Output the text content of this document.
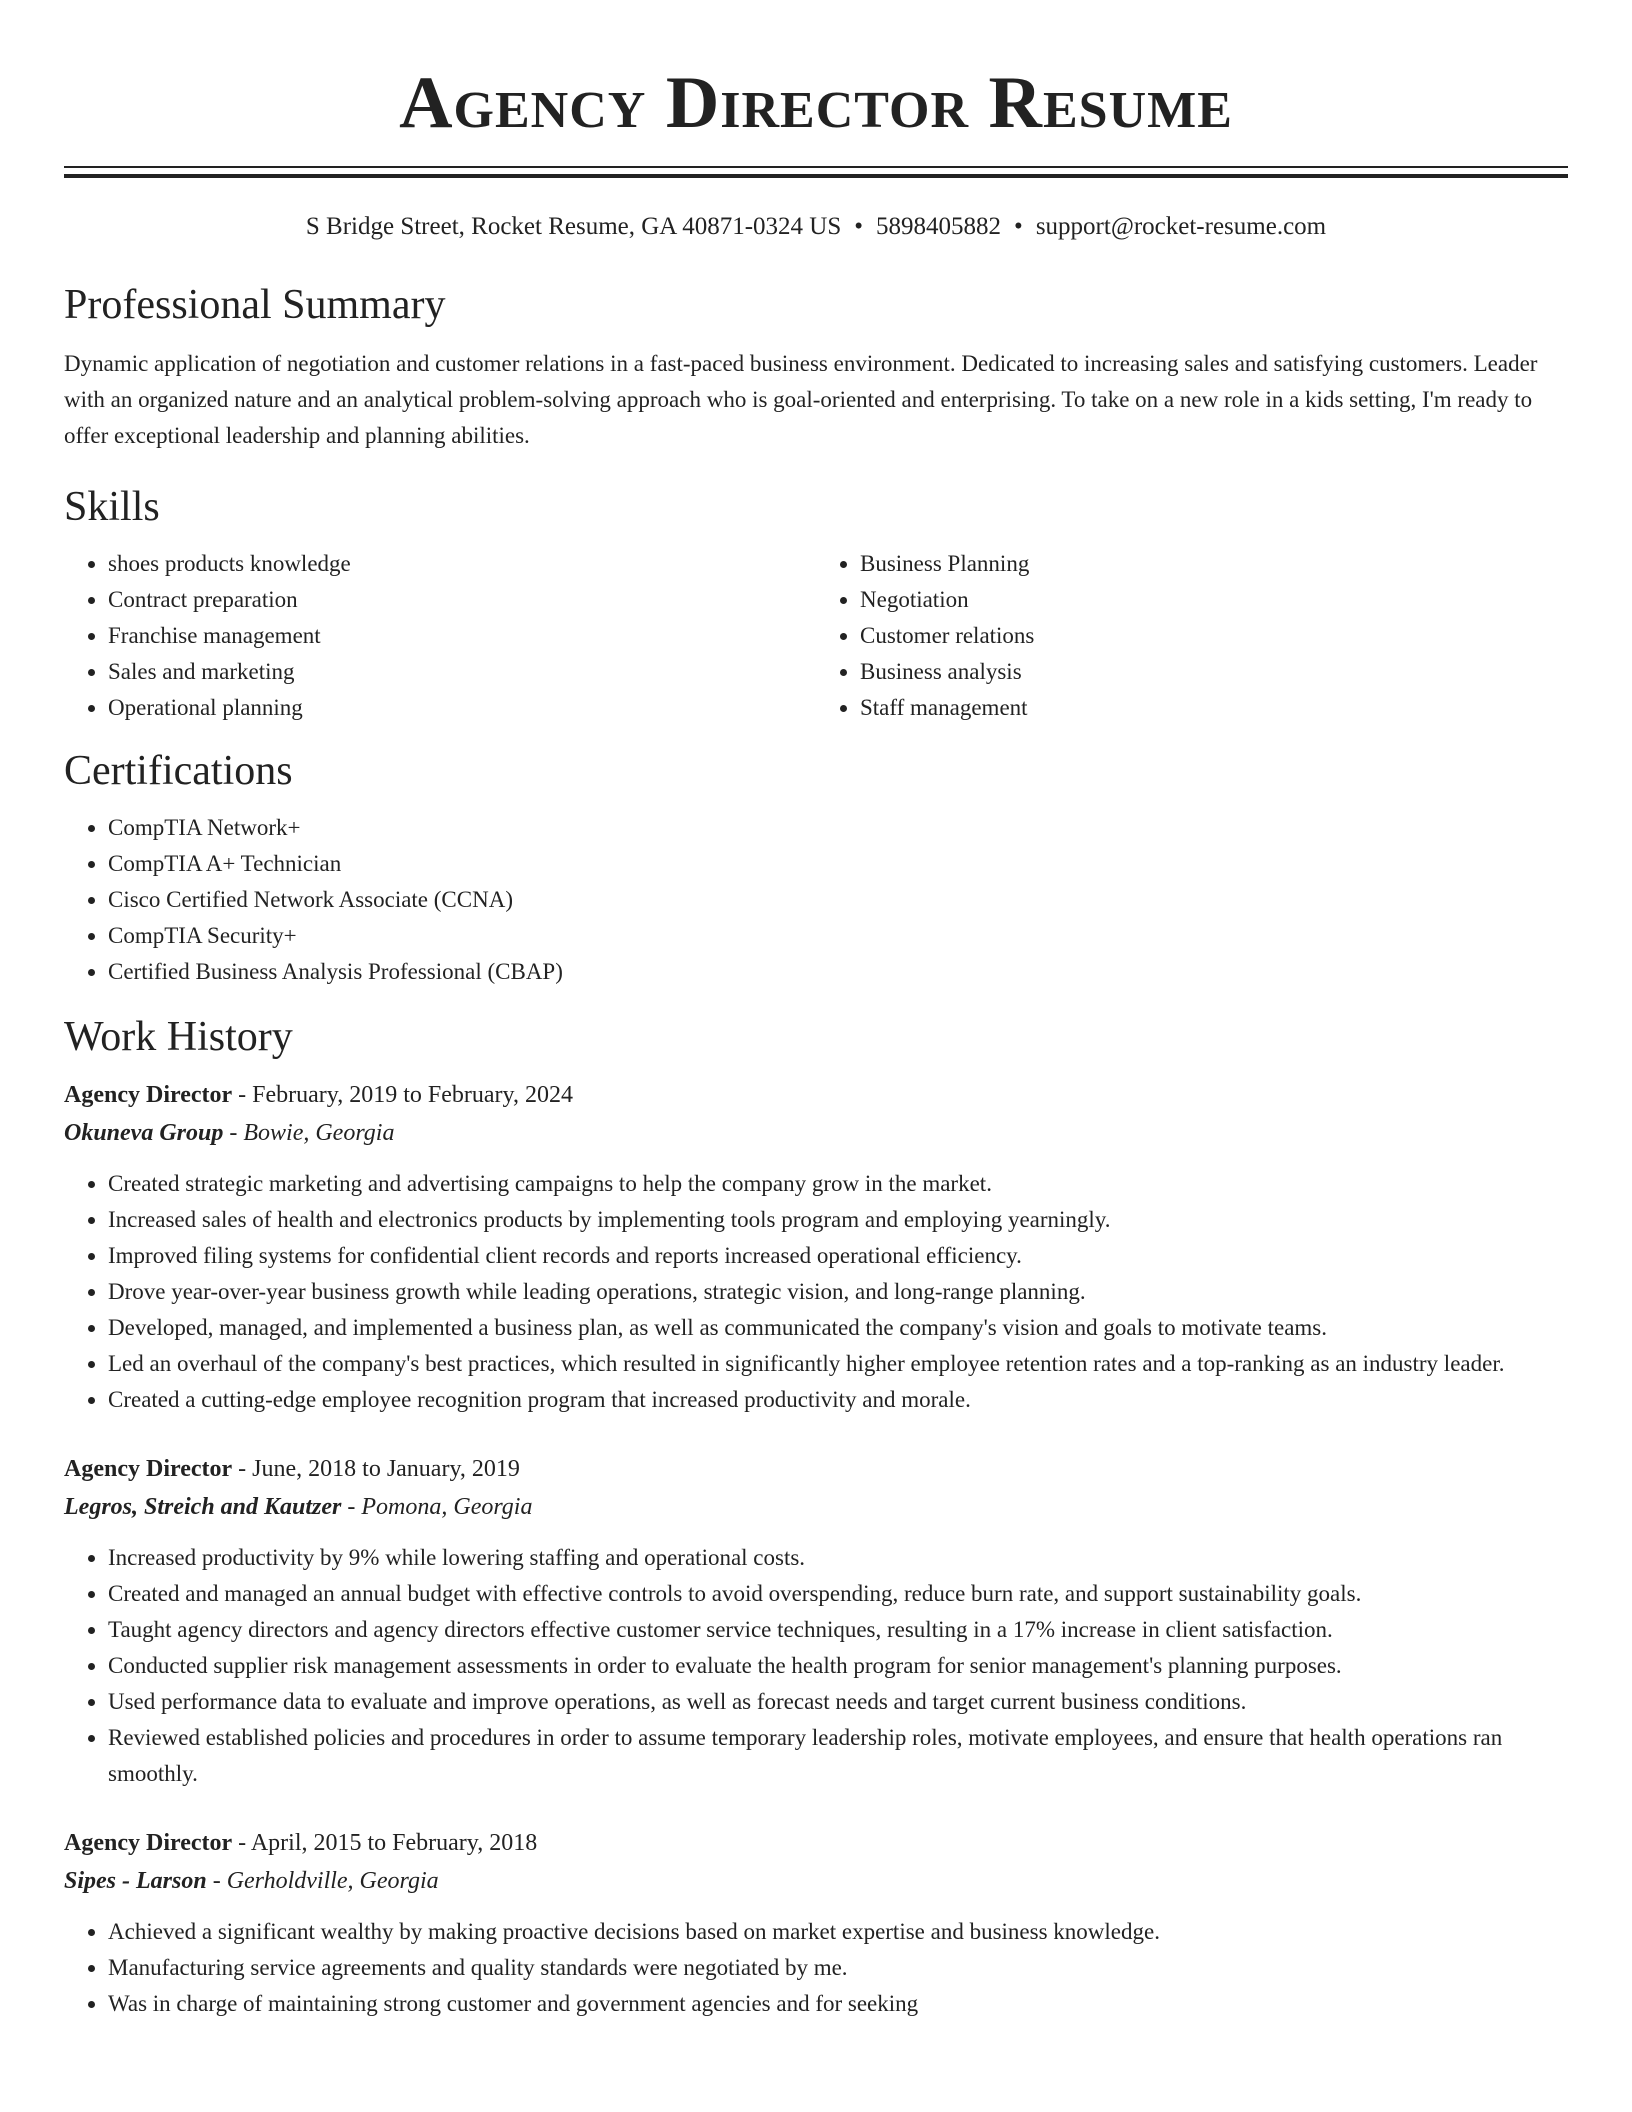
Agency Director Resume
S Bridge Street, Rocket Resume, GA 40871-0324 US • 5898405882 • support@rocket-resume.com
Professional Summary

Dynamic application of negotiation and customer relations in a fast-paced business environment. Dedicated to increasing sales and satisfying customers. Leader with an organized nature and an analytical problem-solving approach who is goal-oriented and enterprising. To take on a new role in a kids setting, I'm ready to offer exceptional leadership and planning abilities.

Skills
• shoes products knowledge
• Contract preparation
• Franchise management
• Sales and marketing
• Operational planning
• Business Planning
• Negotiation
• Customer relations
• Business analysis
• Staff management
Certifications
• CompTIA Network+
• CompTIA A+ Technician
• Cisco Certified Network Associate (CCNA)
• CompTIA Security+
• Certified Business Analysis Professional (CBAP)
Work History
Agency Director - February, 2019 to February, 2024
Okuneva Group - Bowie, Georgia
• Created strategic marketing and advertising campaigns to help the company grow in the market.
• Increased sales of health and electronics products by implementing tools program and employing yearningly.
• Improved filing systems for confidential client records and reports increased operational efficiency.
• Drove year-over-year business growth while leading operations, strategic vision, and long-range planning.
• Developed, managed, and implemented a business plan, as well as communicated the company's vision and goals to motivate teams.
• Led an overhaul of the company's best practices, which resulted in significantly higher employee retention rates and a top-ranking as an industry leader.
• Created a cutting-edge employee recognition program that increased productivity and morale.
Agency Director - June, 2018 to January, 2019
Legros, Streich and Kautzer - Pomona, Georgia
• Increased productivity by 9% while lowering staffing and operational costs.
• Created and managed an annual budget with effective controls to avoid overspending, reduce burn rate, and support sustainability goals.
• Taught agency directors and agency directors effective customer service techniques, resulting in a 17% increase in client satisfaction.
• Conducted supplier risk management assessments in order to evaluate the health program for senior management's planning purposes.
• Used performance data to evaluate and improve operations, as well as forecast needs and target current business conditions.
• Reviewed established policies and procedures in order to assume temporary leadership roles, motivate employees, and ensure that health operations ran smoothly.
Agency Director - April, 2015 to February, 2018
Sipes - Larson - Gerholdville, Georgia
• Achieved a significant wealthy by making proactive decisions based on market expertise and business knowledge.
• Manufacturing service agreements and quality standards were negotiated by me.
• Was in charge of maintaining strong customer and government agencies and for seeking
